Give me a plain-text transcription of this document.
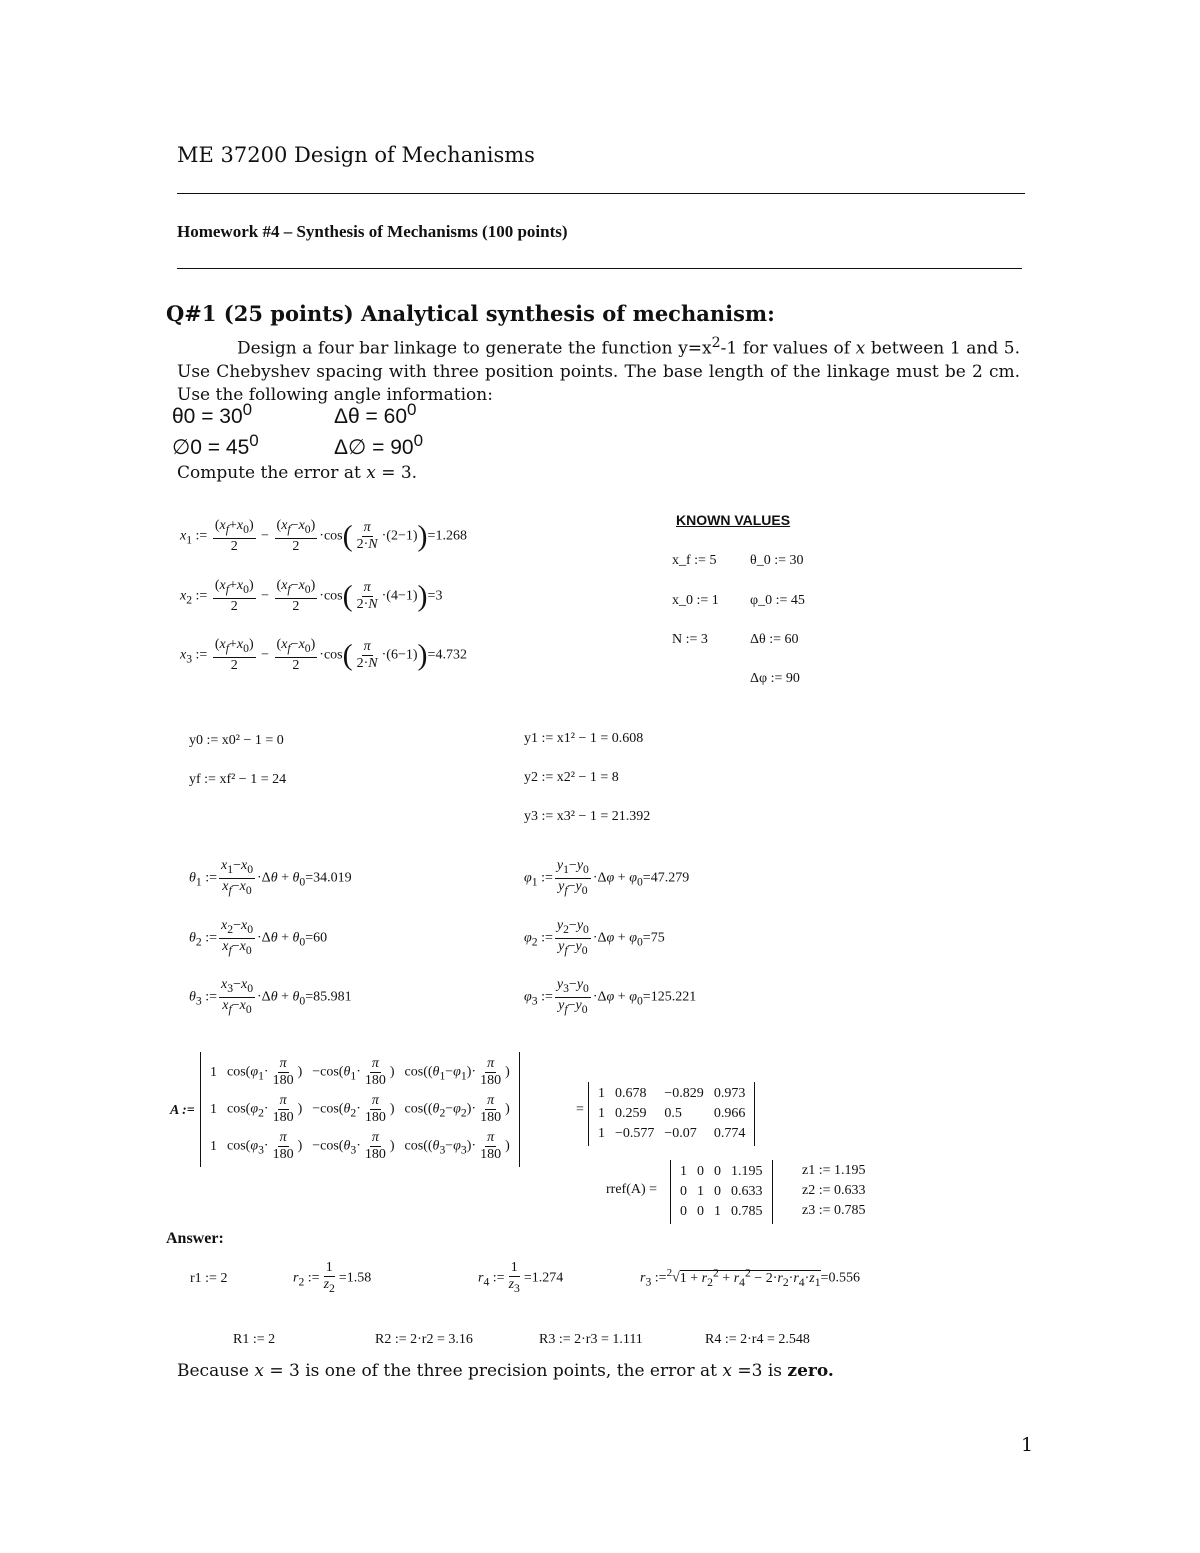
ME 37200 Design of Mechanisms
Homework #4 – Synthesis of Mechanisms (100 points)
Q#1 (25 points) Analytical synthesis of mechanism:
Design a four bar linkage to generate the function $y=x^2-1$ for values of x between 1 and 5. Use Chebyshev spacing with three position points. The base length of the linkage must be 2 cm. Use the following angle information:
$\theta 0 = 30^0$	$\Delta\theta = 60^0$
∅0 = $45^0$	Δ∅ = $90^0$
Compute the error at x = 3.
$x_1$ := $\frac{(x_f+x_0)}{2} - \frac{(x_f-x_0)}{2} \cdot\cos( \frac{\pi}{2\cdot N} \cdot(2-1))=1.268$
$x_2$ := $\frac{(x_f+x_0)}{2} - \frac{(x_f-x_0)}{2} \cdot\cos( \frac{\pi}{2\cdot N} \cdot(4-1))=3$
$x_3$ := $\frac{(x_f+x_0)}{2} - \frac{(x_f-x_0)}{2} \cdot\cos( \frac{\pi}{2\cdot N} \cdot(6-1))=4.732$
KNOWN VALUES
x_f := 5 θ_0 := 30
x_0 := 1 φ_0 := 45
N := 3	Δθ := 60
Δφ := 90
y0 := x0² − 1 = 0
yf := xf² − 1 = 24
y1 := x1² − 1 = 0.608
y2 := x2² − 1 = 8
y3 := x3² − 1 = 21.392
$\theta_1$ := $\frac{x_1-x_0}{x_f-x_0} \cdot\Delta\theta + \theta_0=34.019$
$\theta_2$ := $\frac{x_2-x_0}{x_f-x_0} \cdot\Delta\theta + \theta_0=60$
$\theta_3$ := $\frac{x_3-x_0}{x_f-x_0} \cdot\Delta\theta + \theta_0=85.981$
$\varphi_1$ := $\frac{y_1-y_0}{y_f-y_0} \cdot\Delta\varphi + \varphi_0=47.279$
$\varphi_2$ := $\frac{y_2-y_0}{y_f-y_0} \cdot\Delta\varphi + \varphi_0=75$
$\varphi_3$ := $\frac{y_3-y_0}{y_f-y_0} \cdot\Delta\varphi + \varphi_0=125.221$
A :=
1	$\cos(\varphi_1\cdot \frac{\pi}{180}$ )	$-\cos(\theta_1\cdot \frac{\pi}{180}$ )	$\cos((\theta_1-\varphi_1)\cdot \frac{\pi}{180}$ )
1	$\cos(\varphi_2\cdot \frac{\pi}{180}$ )	$-\cos(\theta_2\cdot \frac{\pi}{180}$ )	$\cos((\theta_2-\varphi_2)\cdot \frac{\pi}{180}$ )
1	$\cos(\varphi_3\cdot \frac{\pi}{180}$ )	$-\cos(\theta_3\cdot \frac{\pi}{180}$ )	$\cos((\theta_3-\varphi_3)\cdot \frac{\pi}{180}$ )
=
1	0.678	−0.829	0.973
1	0.259	0.5	0.966
1	−0.577	−0.07	0.774
rref(A) =
1	0	0	1.195
0	1	0	0.633
0	0	1	0.785
z1 := 1.195
z2 := 0.633
z3 := 0.785
Answer:
r1 := 2	$r_2$ := $\frac{1}{z_2} =1.58$	$r_4$ := $\frac{1}{z_3} =1.274$	$r_3$ :=$^2$√1 + $r_2^2 + r_4^2 - 2\cdot r_2\cdot r_4\cdot z_1=0.556$
R1 := 2	R2 := 2·r2 = 3.16	R3 := 2·r3 = 1.111	R4 := 2·r4 = 2.548
Because x = 3 is one of the three precision points, the error at x =3 is zero.
1
